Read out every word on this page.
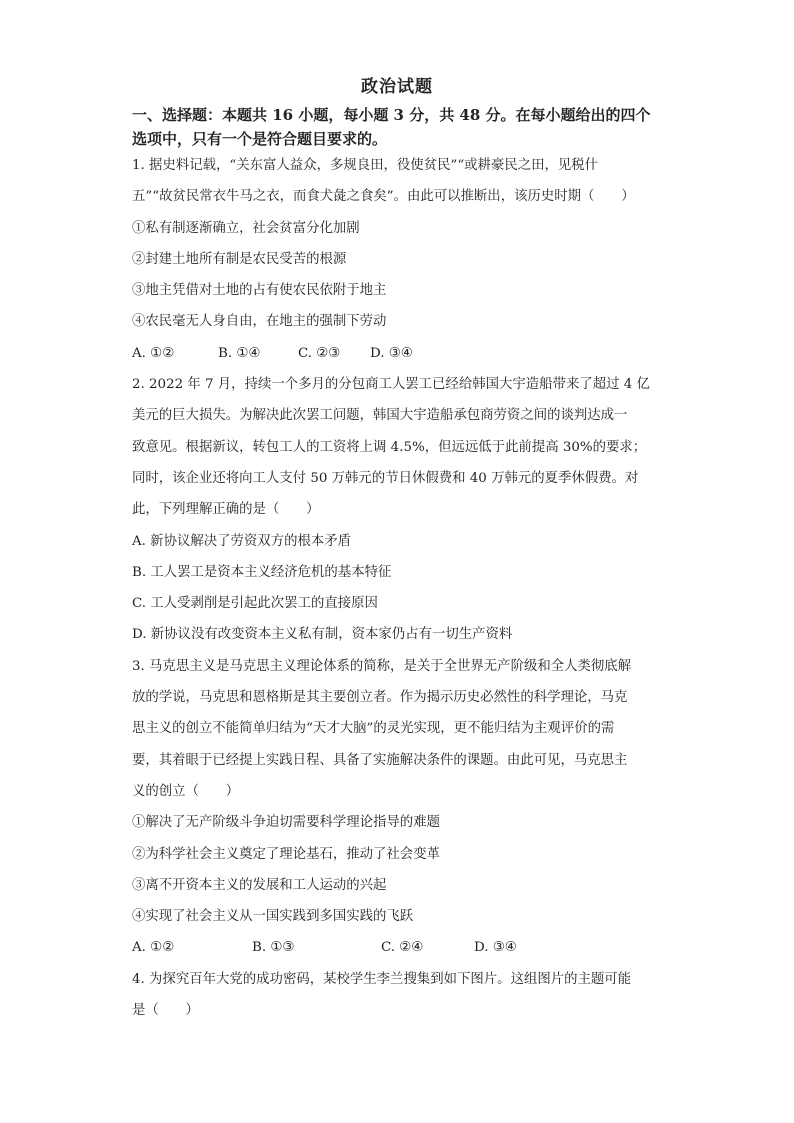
政治试题
一、选择题：本题共 16 小题，每小题 3 分，共 48 分。在每小题给出的四个
选项中，只有一个是符合题目要求的。
1. 据史料记载，“关东富人益众，多规良田，役使贫民”“或耕豪民之田，见税什
五”“故贫民常衣牛马之衣，而食犬彘之食矣”。由此可以推断出，该历史时期（　　）
①私有制逐渐确立，社会贫富分化加剧
②封建土地所有制是农民受苦的根源
③地主凭借对土地的占有使农民依附于地主
④农民毫无人身自由，在地主的强制下劳动
A. ①②	B. ①④	C. ②③ D. ③④
2. 2022 年 7 月，持续一个多月的分包商工人罢工已经给韩国大宇造船带来了超过 4 亿
美元的巨大损失。为解决此次罢工问题，韩国大宇造船承包商劳资之间的谈判达成一
致意见。根据新议，转包工人的工资将上调 4.5%，但远远低于此前提高 30%的要求；
同时，该企业还将向工人支付 50 万韩元的节日休假费和 40 万韩元的夏季休假费。对
此，下列理解正确的是（　　）
A. 新协议解决了劳资双方的根本矛盾
B. 工人罢工是资本主义经济危机的基本特征
C. 工人受剥削是引起此次罢工的直接原因
D. 新协议没有改变资本主义私有制，资本家仍占有一切生产资料
3. 马克思主义是马克思主义理论体系的简称，是关于全世界无产阶级和全人类彻底解
放的学说，马克思和恩格斯是其主要创立者。作为揭示历史必然性的科学理论，马克
思主义的创立不能简单归结为“天才大脑”的灵光实现，更不能归结为主观评价的需
要，其着眼于已经提上实践日程、具备了实施解决条件的课题。由此可见，马克思主
义的创立（　　）
①解决了无产阶级斗争迫切需要科学理论指导的难题
②为科学社会主义奠定了理论基石，推动了社会变革
③离不开资本主义的发展和工人运动的兴起
④实现了社会主义从一国实践到多国实践的飞跃
A. ①②	B. ①③	C. ②④	D. ③④
4. 为探究百年大党的成功密码，某校学生李兰搜集到如下图片。这组图片的主题可能
是（　　）
